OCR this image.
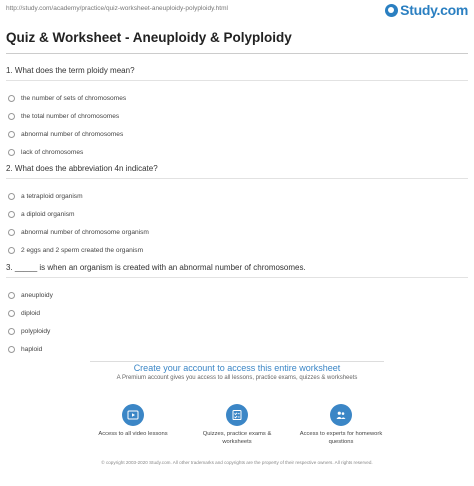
http://study.com/academy/practice/quiz-worksheet-aneuploidy-polyploidy.html	Study.com
Quiz & Worksheet - Aneuploidy & Polyploidy
1. What does the term ploidy mean?
the number of sets of chromosomes
the total number of chromosomes
abnormal number of chromosomes
lack of chromosomes
2. What does the abbreviation 4n indicate?
a tetraploid organism
a diploid organism
abnormal number of chromosome organism
2 eggs and 2 sperm created the organism
3. _____ is when an organism is created with an abnormal number of chromosomes.
aneuploidy
diploid
polyploidy
haploid
Create your account to access this entire worksheet
A Premium account gives you access to all lessons, practice exams, quizzes & worksheets
Access to all video lessons	Quizzes, practice exams & worksheets
Access to experts for homework questions
© copyright 2003-2020 Study.com. All other trademarks and copyrights are the property of their respective owners. All rights reserved.
